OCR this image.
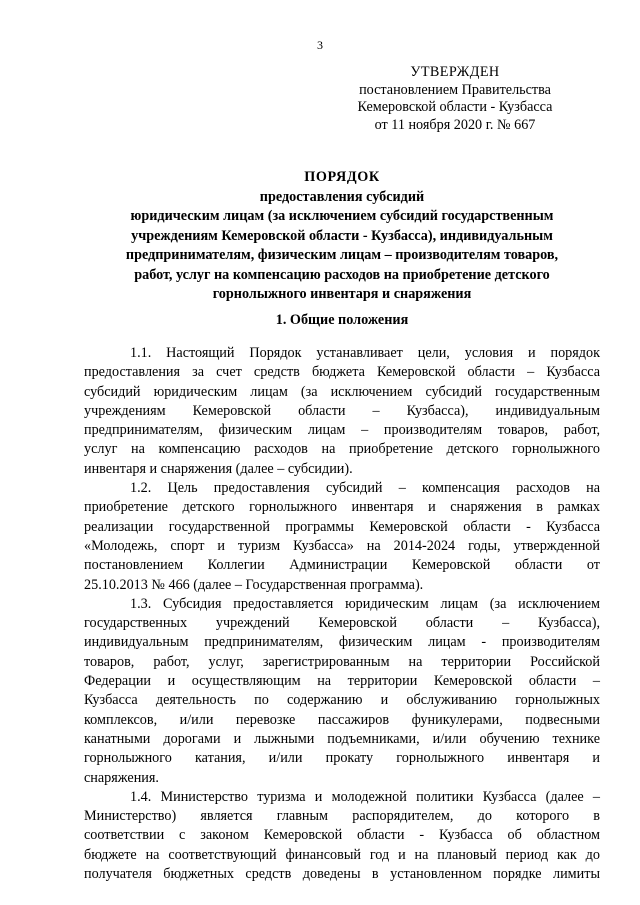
3
УТВЕРЖДЕН
постановлением Правительства
Кемеровской области - Кузбасса
от 11 ноября 2020 г. № 667
ПОРЯДОК
предоставления субсидий
юридическим лицам (за исключением субсидий государственным
учреждениям Кемеровской области - Кузбасса), индивидуальным
предпринимателям, физическим лицам – производителям товаров,
работ, услуг на компенсацию расходов на приобретение детского
горнолыжного инвентаря и снаряжения
1. Общие положения
1.1. Настоящий Порядок устанавливает цели, условия и порядок
предоставления за счет средств бюджета Кемеровской области – Кузбасса
субсидий юридическим лицам (за исключением субсидий государственным
учреждениям Кемеровской области – Кузбасса), индивидуальным
предпринимателям, физическим лицам – производителям товаров, работ,
услуг на компенсацию расходов на приобретение детского горнолыжного
инвентаря и снаряжения (далее – субсидии).
1.2. Цель предоставления субсидий – компенсация расходов на
приобретение детского горнолыжного инвентаря и снаряжения в рамках
реализации государственной программы Кемеровской области - Кузбасса
«Молодежь, спорт и туризм Кузбасса» на 2014-2024 годы, утвержденной
постановлением Коллегии Администрации Кемеровской области от
25.10.2013 № 466 (далее – Государственная программа).
1.3. Субсидия предоставляется юридическим лицам (за исключением
государственных учреждений Кемеровской области – Кузбасса),
индивидуальным предпринимателям, физическим лицам - производителям
товаров, работ, услуг, зарегистрированным на территории Российской
Федерации и осуществляющим на территории Кемеровской области –
Кузбасса деятельность по содержанию и обслуживанию горнолыжных
комплексов, и/или перевозке пассажиров фуникулерами, подвесными
канатными дорогами и лыжными подъемниками, и/или обучению технике
горнолыжного катания, и/или прокату горнолыжного инвентаря и
снаряжения.
1.4. Министерство туризма и молодежной политики Кузбасса (далее –
Министерство) является главным распорядителем, до которого в
соответствии с законом Кемеровской области - Кузбасса об областном
бюджете на соответствующий финансовый год и на плановый период как до
получателя бюджетных средств доведены в установленном порядке лимиты
